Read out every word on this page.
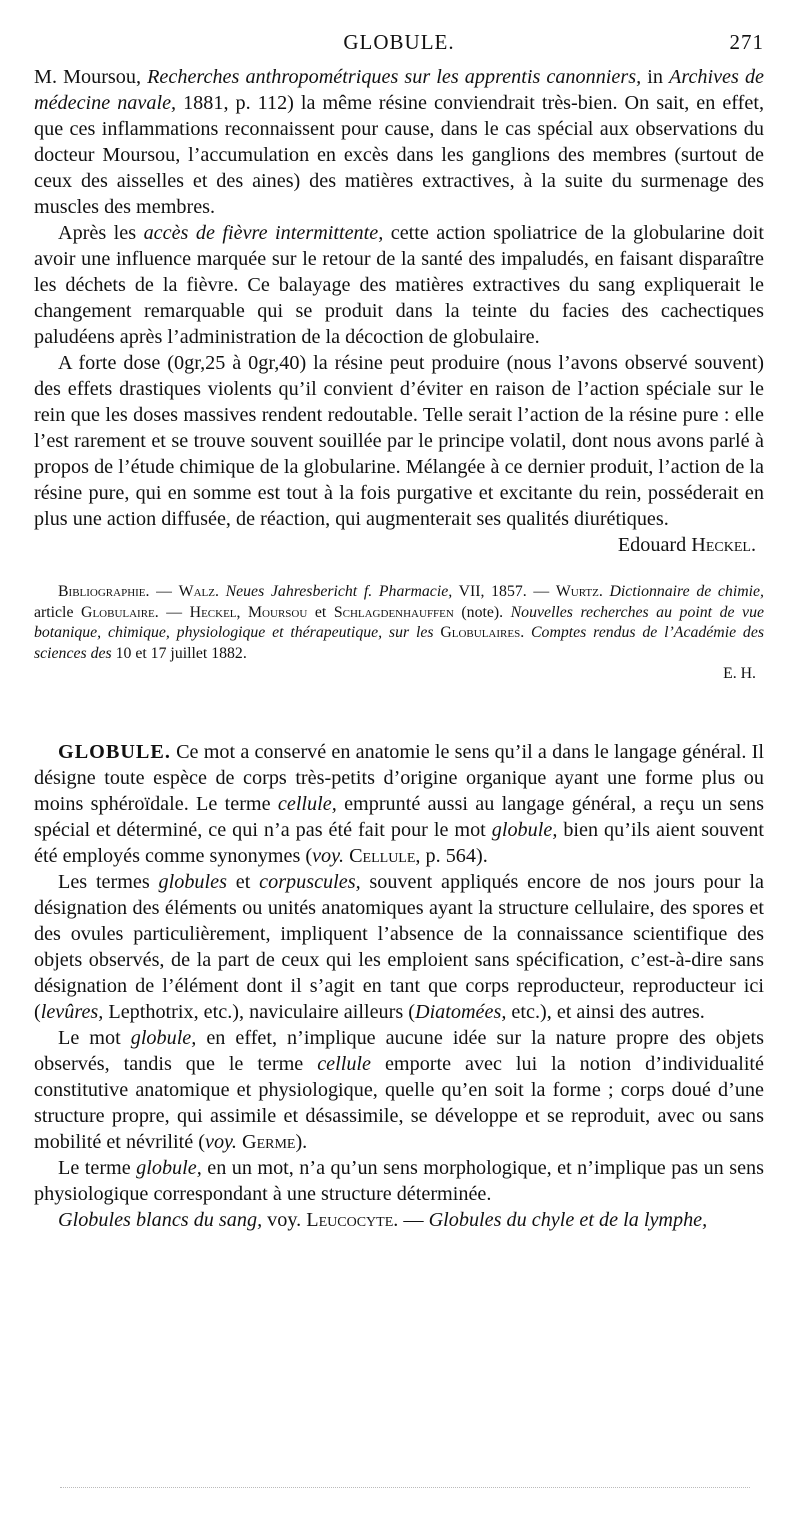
GLOBULE.	271

M. Moursou, Recherches anthropométriques sur les apprentis canonniers, in Archives de médecine navale, 1881, p. 112) la même résine conviendrait très-bien. On sait, en effet, que ces inflammations reconnaissent pour cause, dans le cas spécial aux observations du docteur Moursou, l’accumulation en excès dans les ganglions des membres (surtout de ceux des aisselles et des aines) des matières extractives, à la suite du surmenage des muscles des membres.

Après les accès de fièvre intermittente, cette action spoliatrice de la globularine doit avoir une influence marquée sur le retour de la santé des impaludés, en faisant disparaître les déchets de la fièvre. Ce balayage des matières extractives du sang expliquerait le changement remarquable qui se produit dans la teinte du facies des cachectiques paludéens après l’administration de la décoction de globulaire.

A forte dose (0gr,25 à 0gr,40) la résine peut produire (nous l’avons observé souvent) des effets drastiques violents qu’il convient d’éviter en raison de l’action spéciale sur le rein que les doses massives rendent redoutable. Telle serait l’action de la résine pure : elle l’est rarement et se trouve souvent souillée par le principe volatil, dont nous avons parlé à propos de l’étude chimique de la globularine. Mélangée à ce dernier produit, l’action de la résine pure, qui en somme est tout à la fois purgative et excitante du rein, posséderait en plus une action diffusée, de réaction, qui augmenterait ses qualités diurétiques.

Edouard Heckel.

Bibliographie. — Walz. Neues Jahresbericht f. Pharmacie, VII, 1857. — Wurtz. Dictionnaire de chimie, article Globulaire. — Heckel, Moursou et Schlagdenhauffen (note). Nouvelles recherches au point de vue botanique, chimique, physiologique et thérapeutique, sur les Globulaires. Comptes rendus de l’Académie des sciences des 10 et 17 juillet 1882.
E. H.

GLOBULE. Ce mot a conservé en anatomie le sens qu’il a dans le langage général. Il désigne toute espèce de corps très-petits d’origine organique ayant une forme plus ou moins sphéroïdale. Le terme cellule, emprunté aussi au langage général, a reçu un sens spécial et déterminé, ce qui n’a pas été fait pour le mot globule, bien qu’ils aient souvent été employés comme synonymes (voy. Cellule, p. 564).

Les termes globules et corpuscules, souvent appliqués encore de nos jours pour la désignation des éléments ou unités anatomiques ayant la structure cellulaire, des spores et des ovules particulièrement, impliquent l’absence de la connaissance scientifique des objets observés, de la part de ceux qui les emploient sans spécification, c’est-à-dire sans désignation de l’élément dont il s’agit en tant que corps reproducteur, reproducteur ici (levûres, Lepthotrix, etc.), naviculaire ailleurs (Diatomées, etc.), et ainsi des autres.

Le mot globule, en effet, n’implique aucune idée sur la nature propre des objets observés, tandis que le terme cellule emporte avec lui la notion d’individualité constitutive anatomique et physiologique, quelle qu’en soit la forme ; corps doué d’une structure propre, qui assimile et désassimile, se développe et se reproduit, avec ou sans mobilité et névrilité (voy. Germe).

Le terme globule, en un mot, n’a qu’un sens morphologique, et n’implique pas un sens physiologique correspondant à une structure déterminée.

Globules blancs du sang, voy. Leucocyte. — Globules du chyle et de la lymphe,
